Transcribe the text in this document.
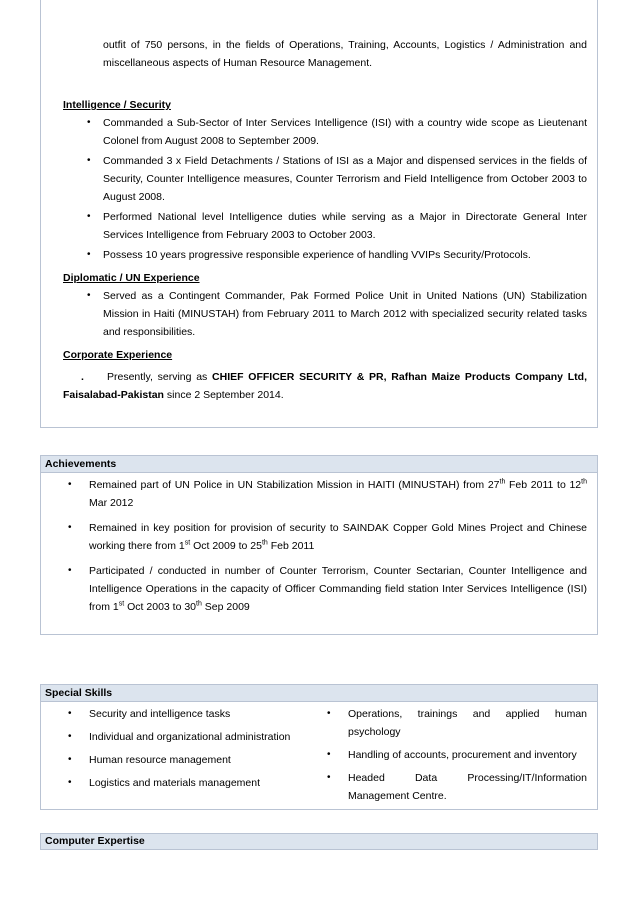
outfit of 750 persons, in the fields of Operations, Training, Accounts, Logistics / Administration and miscellaneous aspects of Human Resource Management.

Intelligence / Security
• Commanded a Sub-Sector of Inter Services Intelligence (ISI) with a country wide scope as Lieutenant Colonel from August 2008 to September 2009.
• Commanded 3 x Field Detachments / Stations of ISI as a Major and dispensed services in the fields of Security, Counter Intelligence measures, Counter Terrorism and Field Intelligence from October 2003 to August 2008.
• Performed National level Intelligence duties while serving as a Major in Directorate General Inter Services Intelligence from February 2003 to October 2003.
• Possess 10 years progressive responsible experience of handling VVIPs Security/Protocols.
Diplomatic / UN Experience
• Served as a Contingent Commander, Pak Formed Police Unit in United Nations (UN) Stabilization Mission in Haiti (MINUSTAH) from February 2011 to March 2012 with specialized security related tasks and responsibilities.
Corporate Experience

. Presently, serving as CHIEF OFFICER SECURITY & PR, Rafhan Maize Products Company Ltd, Faisalabad-Pakistan since 2 September 2014.

Achievements
• Remained part of UN Police in UN Stabilization Mission in HAITI (MINUSTAH) from 27th Feb 2011 to 12th Mar 2012
• Remained in key position for provision of security to SAINDAK Copper Gold Mines Project and Chinese working there from 1st Oct 2009 to 25th Feb 2011
• Participated / conducted in number of Counter Terrorism, Counter Sectarian, Counter Intelligence and Intelligence Operations in the capacity of Officer Commanding field station Inter Services Intelligence (ISI) from 1st Oct 2003 to 30th Sep 2009
Special Skills
• Security and intelligence tasks
• Individual and organizational administration
• Human resource management
• Logistics and materials management
• Operations, trainings and applied human psychology
• Handling of accounts, procurement and inventory
• Headed Data Processing/IT/Information Management Centre.
Computer Expertise
